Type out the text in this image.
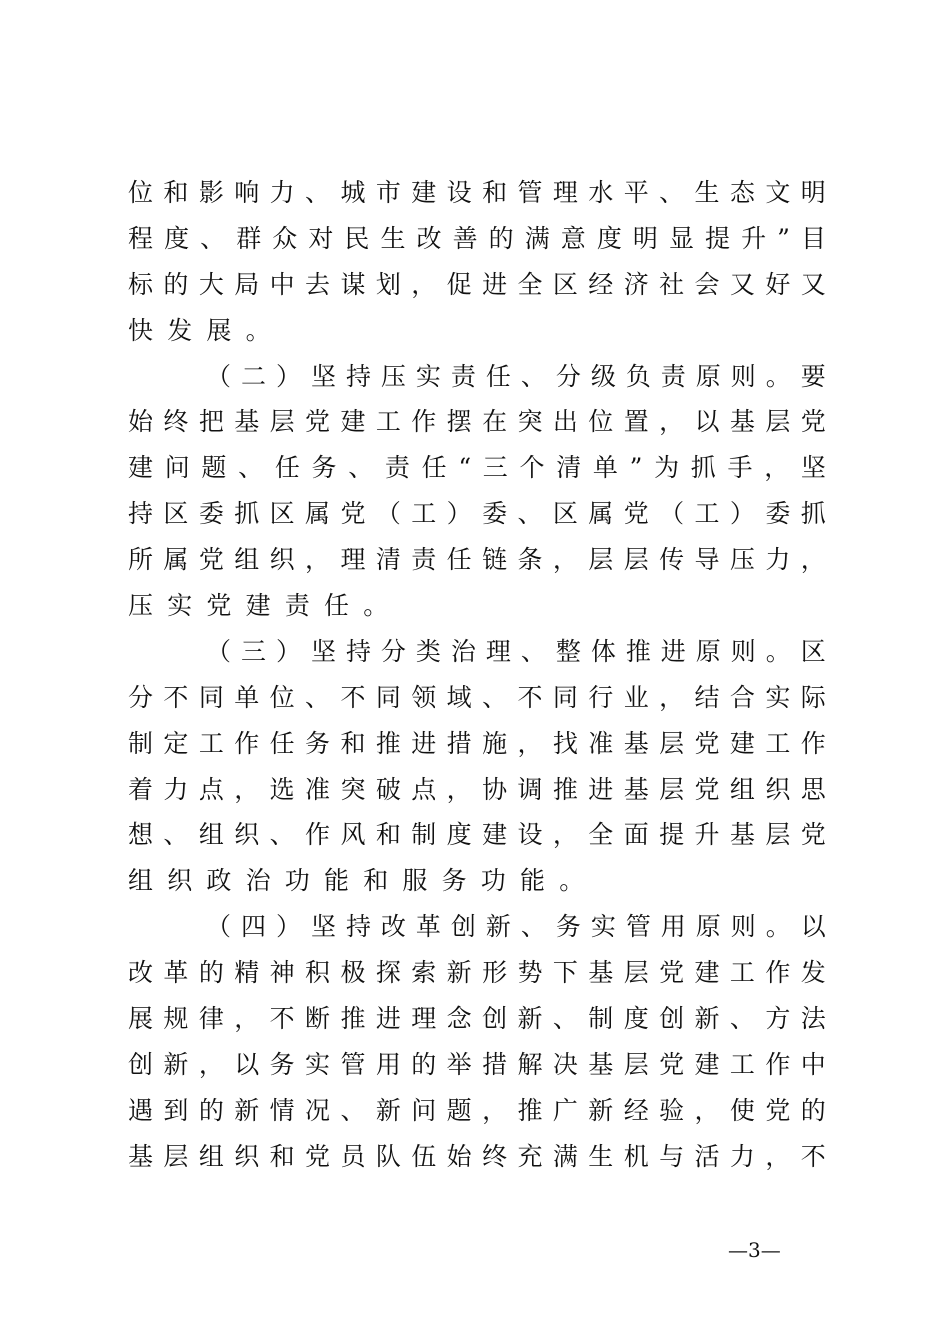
位 和 影 响 力 、 城 市 建 设 和 管 理 水 平 、 生 态 文 明
程 度 、 群 众 对 民 生 改 善 的 满 意 度 明 显 提 升 ” 目
标 的 大 局 中 去 谋 划 ， 促 进 全 区 经 济 社 会 又 好 又
快发展。
（ 二 ） 坚 持 压 实 责 任 、 分 级 负 责 原 则 。 要
始 终 把 基 层 党 建 工 作 摆 在 突 出 位 置 ， 以 基 层 党
建 问 题 、 任 务 、 责 任 “ 三 个 清 单 ” 为 抓 手 ， 坚
持 区 委 抓 区 属 党 （ 工 ） 委 、 区 属 党 （ 工 ） 委 抓
所 属 党 组 织 ， 理 清 责 任 链 条 ， 层 层 传 导 压 力 ，
压实党建责任。
（ 三 ） 坚 持 分 类 治 理 、 整 体 推 进 原 则 。 区
分 不 同 单 位 、 不 同 领 域 、 不 同 行 业 ， 结 合 实 际
制 定 工 作 任 务 和 推 进 措 施 ， 找 准 基 层 党 建 工 作
着 力 点 ， 选 准 突 破 点 ， 协 调 推 进 基 层 党 组 织 思
想 、 组 织 、 作 风 和 制 度 建 设 ， 全 面 提 升 基 层 党
组织政治功能和服务功能。
（ 四 ） 坚 持 改 革 创 新 、 务 实 管 用 原 则 。 以
改 革 的 精 神 积 极 探 索 新 形 势 下 基 层 党 建 工 作 发
展 规 律 ， 不 断 推 进 理 念 创 新 、 制 度 创 新 、 方 法
创 新 ， 以 务 实 管 用 的 举 措 解 决 基 层 党 建 工 作 中
遇 到 的 新 情 况 、 新 问 题 ， 推 广 新 经 验 ， 使 党 的
基 层 组 织 和 党 员 队 伍 始 终 充 满 生 机 与 活 力 ， 不
—3—
